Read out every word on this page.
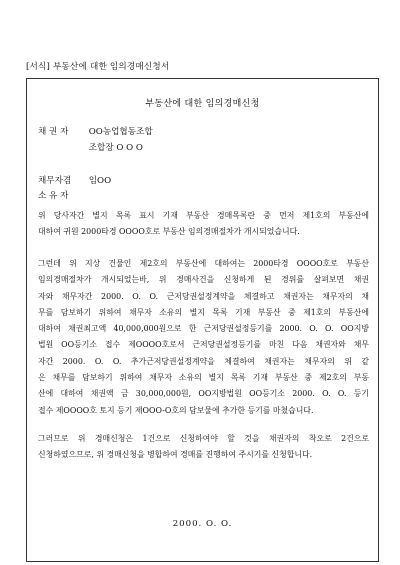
[서식] 부동산에 대한 임의경매신청서
부동산에 대한 임의경매신청
채 권 자 OO농업협동조합
조합장 O O O
채무자겸 임OO
소 유 자
위 당사자간 별지 목록 표시 기재 부동산 경매목록란 중 먼저 제1호의 부동산에
대하여 귀원 2000타경 OOOO호로 부동산 임의경매절차가 개시되었습니다.
그런데 위 지상 건물인 제2호의 부동산에 대하여는 2000타경 OOOO호로 부동산
임의경매절차가 개시되었는바, 위 경매사건을 신청하게 된 경위를 살펴보면 채권
자와 채무자간 2000. O. O. 근저당권설정계약을 체결하고 채권자는 채무자의 채
무를 담보하기 위하여 채무자 소유의 별지 목록 기재 부동산 중 제1호의 부동산에
대하여 채권최고액 40,000,000원으로 한 근저당권설정등기를 2000. O. O. OO지방
법원 OO등기소 접수 제OOOO호로서 근저당권설정등기를 마친 다음 채권자와 채무
자간 2000. O. O. 추가근저당권설정계약을 체결하여 채권자는 채무자의 위 같
은 채무를 담보하기 위하여 채무자 소유의 별지 목록 기재 부동산 중 제2호의 부동
산에 대하여 채권액 금 30,000,000원, OO지방법원 OO등기소 2000. O. O. 등기
접수 제OOOO호 토지 등기 제OOO-O호의 담보물에 추가한 등기를 마쳤습니다.
그러므로 위 경매신청은 1건으로 신청하여야 할 것을 채권자의 착오로 2건으로
신청하였으므로, 위 경매신청을 병합하여 경매를 진행하여 주시기를 신청합니다.
2000. O. O.
